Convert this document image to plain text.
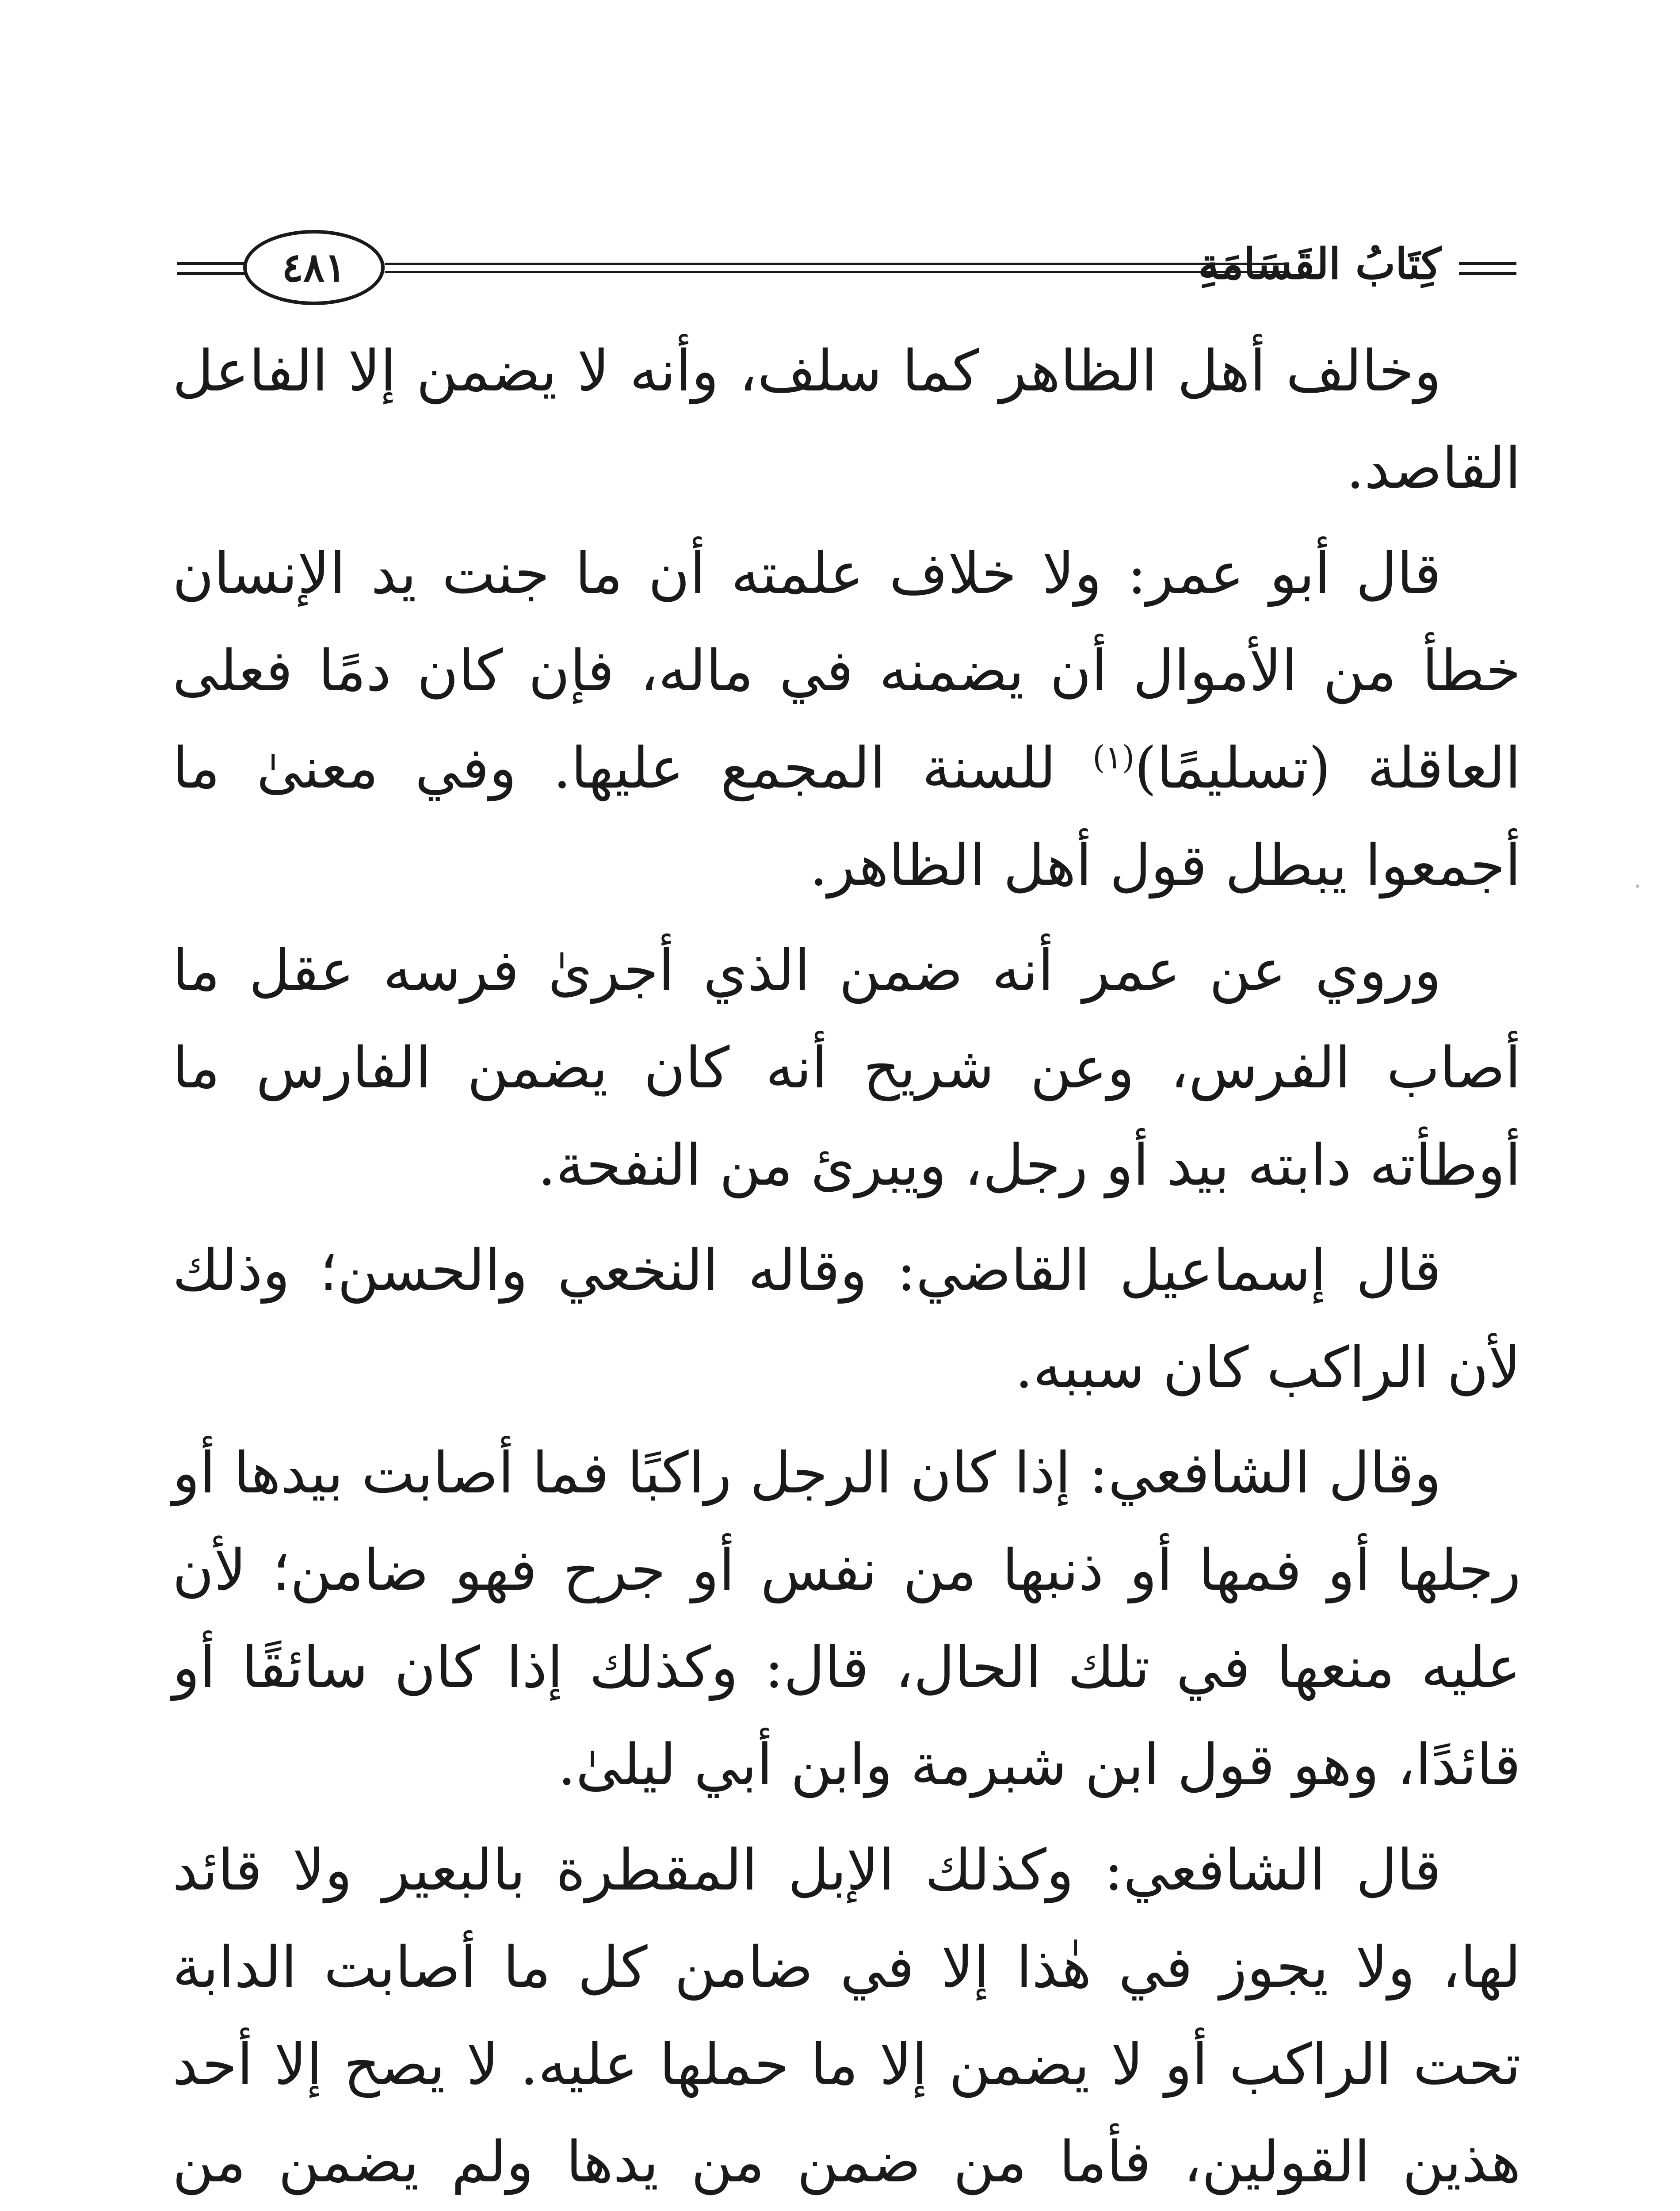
٤٨١	كِتَابُ القَسَامَةِ

وخالف أهل الظاهر كما سلف، وأنه لا يضمن إلا الفاعل القاصد.

قال أبو عمر: ولا خلاف علمته أن ما جنت يد الإنسان خطأ من الأموال أن يضمنه في ماله، فإن كان دمًا فعلى العاقلة (تسليمًا)$^{(١)}$ للسنة المجمع عليها. وفي معنىٰ ما أجمعوا يبطل قول أهل الظاهر.

وروي عن عمر أنه ضمن الذي أجرىٰ فرسه عقل ما أصاب الفرس، وعن شريح أنه كان يضمن الفارس ما أوطأته دابته بيد أو رجل، ويبرئ من النفحة.

قال إسماعيل القاضي: وقاله النخعي والحسن؛ وذلك لأن الراكب كان سببه.

وقال الشافعي: إذا كان الرجل راكبًا فما أصابت بيدها أو رجلها أو فمها أو ذنبها من نفس أو جرح فهو ضامن؛ لأن عليه منعها في تلك الحال، قال: وكذلك إذا كان سائقًا أو قائدًا، وهو قول ابن شبرمة وابن أبي ليلىٰ.

قال الشافعي: وكذلك الإبل المقطرة بالبعير ولا قائد لها، ولا يجوز في هٰذا إلا في ضامن كل ما أصابت الدابة تحت الراكب أو لا يضمن إلا ما حملها عليه. لا يصح إلا أحد هذين القولين، فأما من ضمن من يدها ولم يضمن من
